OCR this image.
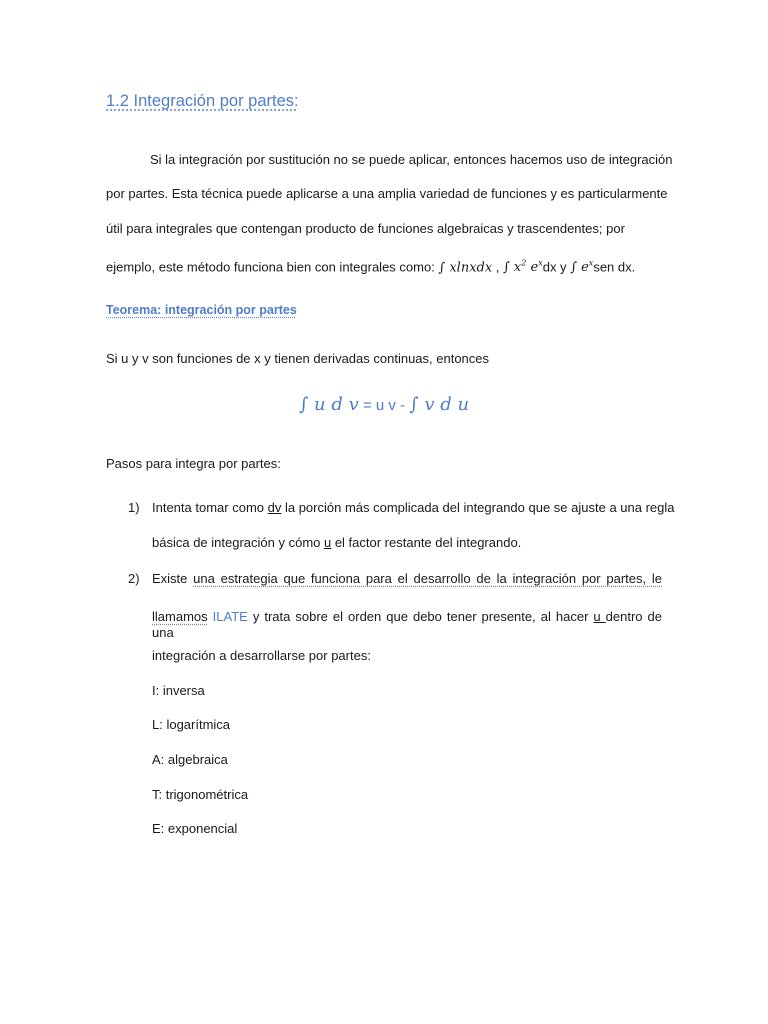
1.2 Integración por partes:
Si la integración por sustitución no se puede aplicar, entonces hacemos uso de integración
por partes. Esta técnica puede aplicarse a una amplia variedad de funciones y es particularmente
útil para integrales que contengan producto de funciones algebraicas y trascendentes; por
ejemplo, este método funciona bien con integrales como: ∫ xlnxdx , ∫ $x^2$ $e^xdx$ y ∫ $e^xsen$ dx.
Teorema: integración por partes
Si u y v son funciones de x y tienen derivadas continuas, entonces
∫ u d v = u v - ∫ v d u
Pasos para integra por partes:
1) Intenta tomar como dv la porción más complicada del integrando que se ajuste a una regla
básica de integración y cómo u el factor restante del integrando.
2) Existe una estrategia que funciona para el desarrollo de la integración por partes, le
llamamos ILATE y trata sobre el orden que debo tener presente, al hacer u dentro de una
integración a desarrollarse por partes:
I: inversa
L: logarítmica
A: algebraica
T: trigonométrica
E: exponencial
